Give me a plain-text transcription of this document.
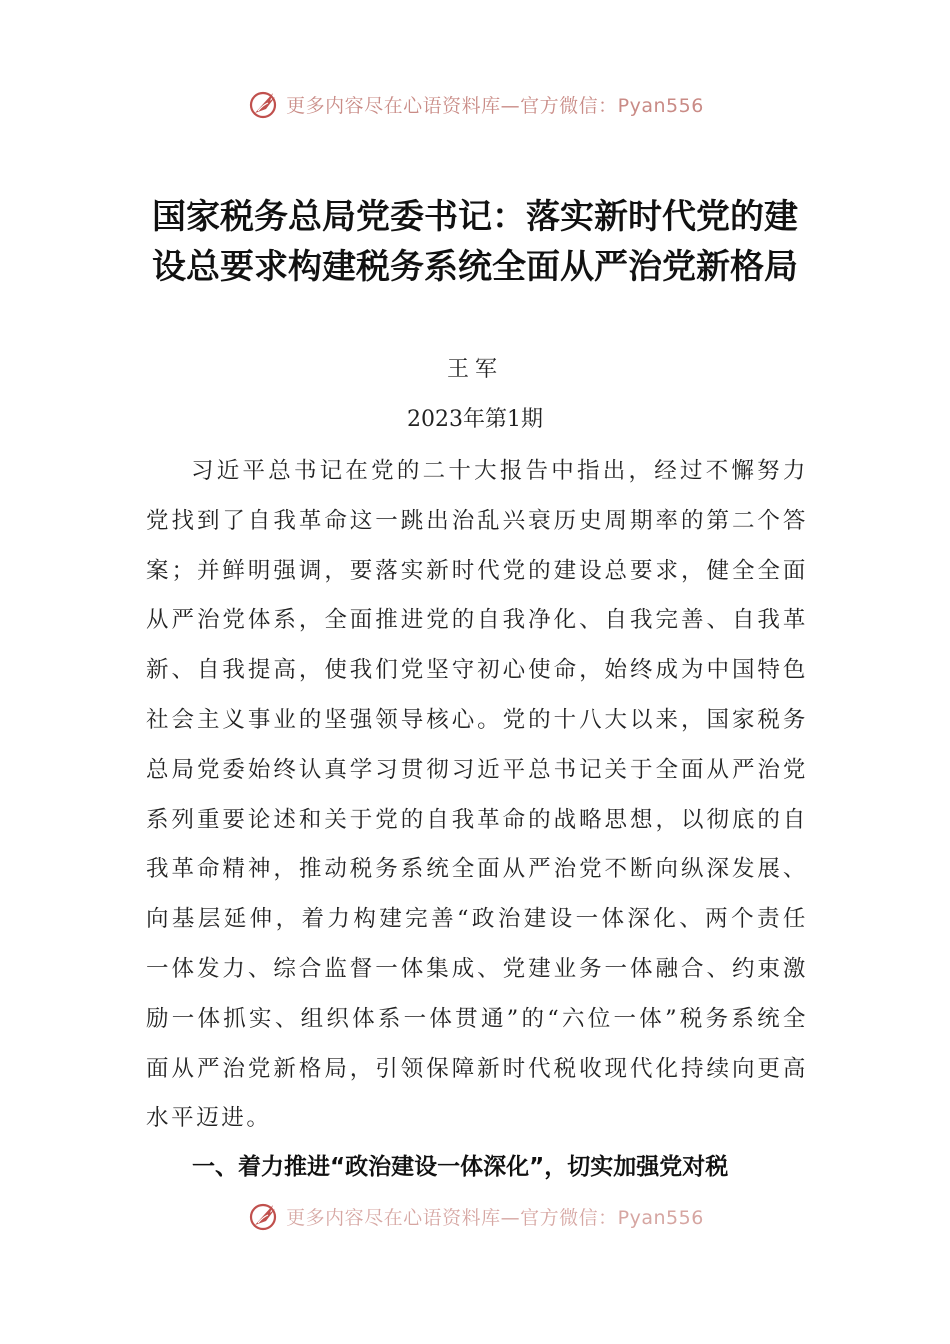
更多内容尽在心语资料库—官方微信：Pyan556
国家税务总局党委书记：落实新时代党的建设总要求构建税务系统全面从严治党新格局
王军
2023年第1期
习近平总书记在党的二十大报告中指出，经过不懈努力党找到了自我革命这一跳出治乱兴衰历史周期率的第二个答案；并鲜明强调，要落实新时代党的建设总要求，健全全面从严治党体系，全面推进党的自我净化、自我完善、自我革新、自我提高，使我们党坚守初心使命，始终成为中国特色社会主义事业的坚强领导核心。党的十八大以来，国家税务总局党委始终认真学习贯彻习近平总书记关于全面从严治党系列重要论述和关于党的自我革命的战略思想，以彻底的自我革命精神，推动税务系统全面从严治党不断向纵深发展、向基层延伸，着力构建完善“政治建设一体深化、两个责任一体发力、综合监督一体集成、党建业务一体融合、约束激励一体抓实、组织体系一体贯通”的“六位一体”税务系统全面从严治党新格局，引领保障新时代税收现代化持续向更高水平迈进。
一、着力推进“政治建设一体深化”，切实加强党对税
更多内容尽在心语资料库—官方微信：Pyan556
